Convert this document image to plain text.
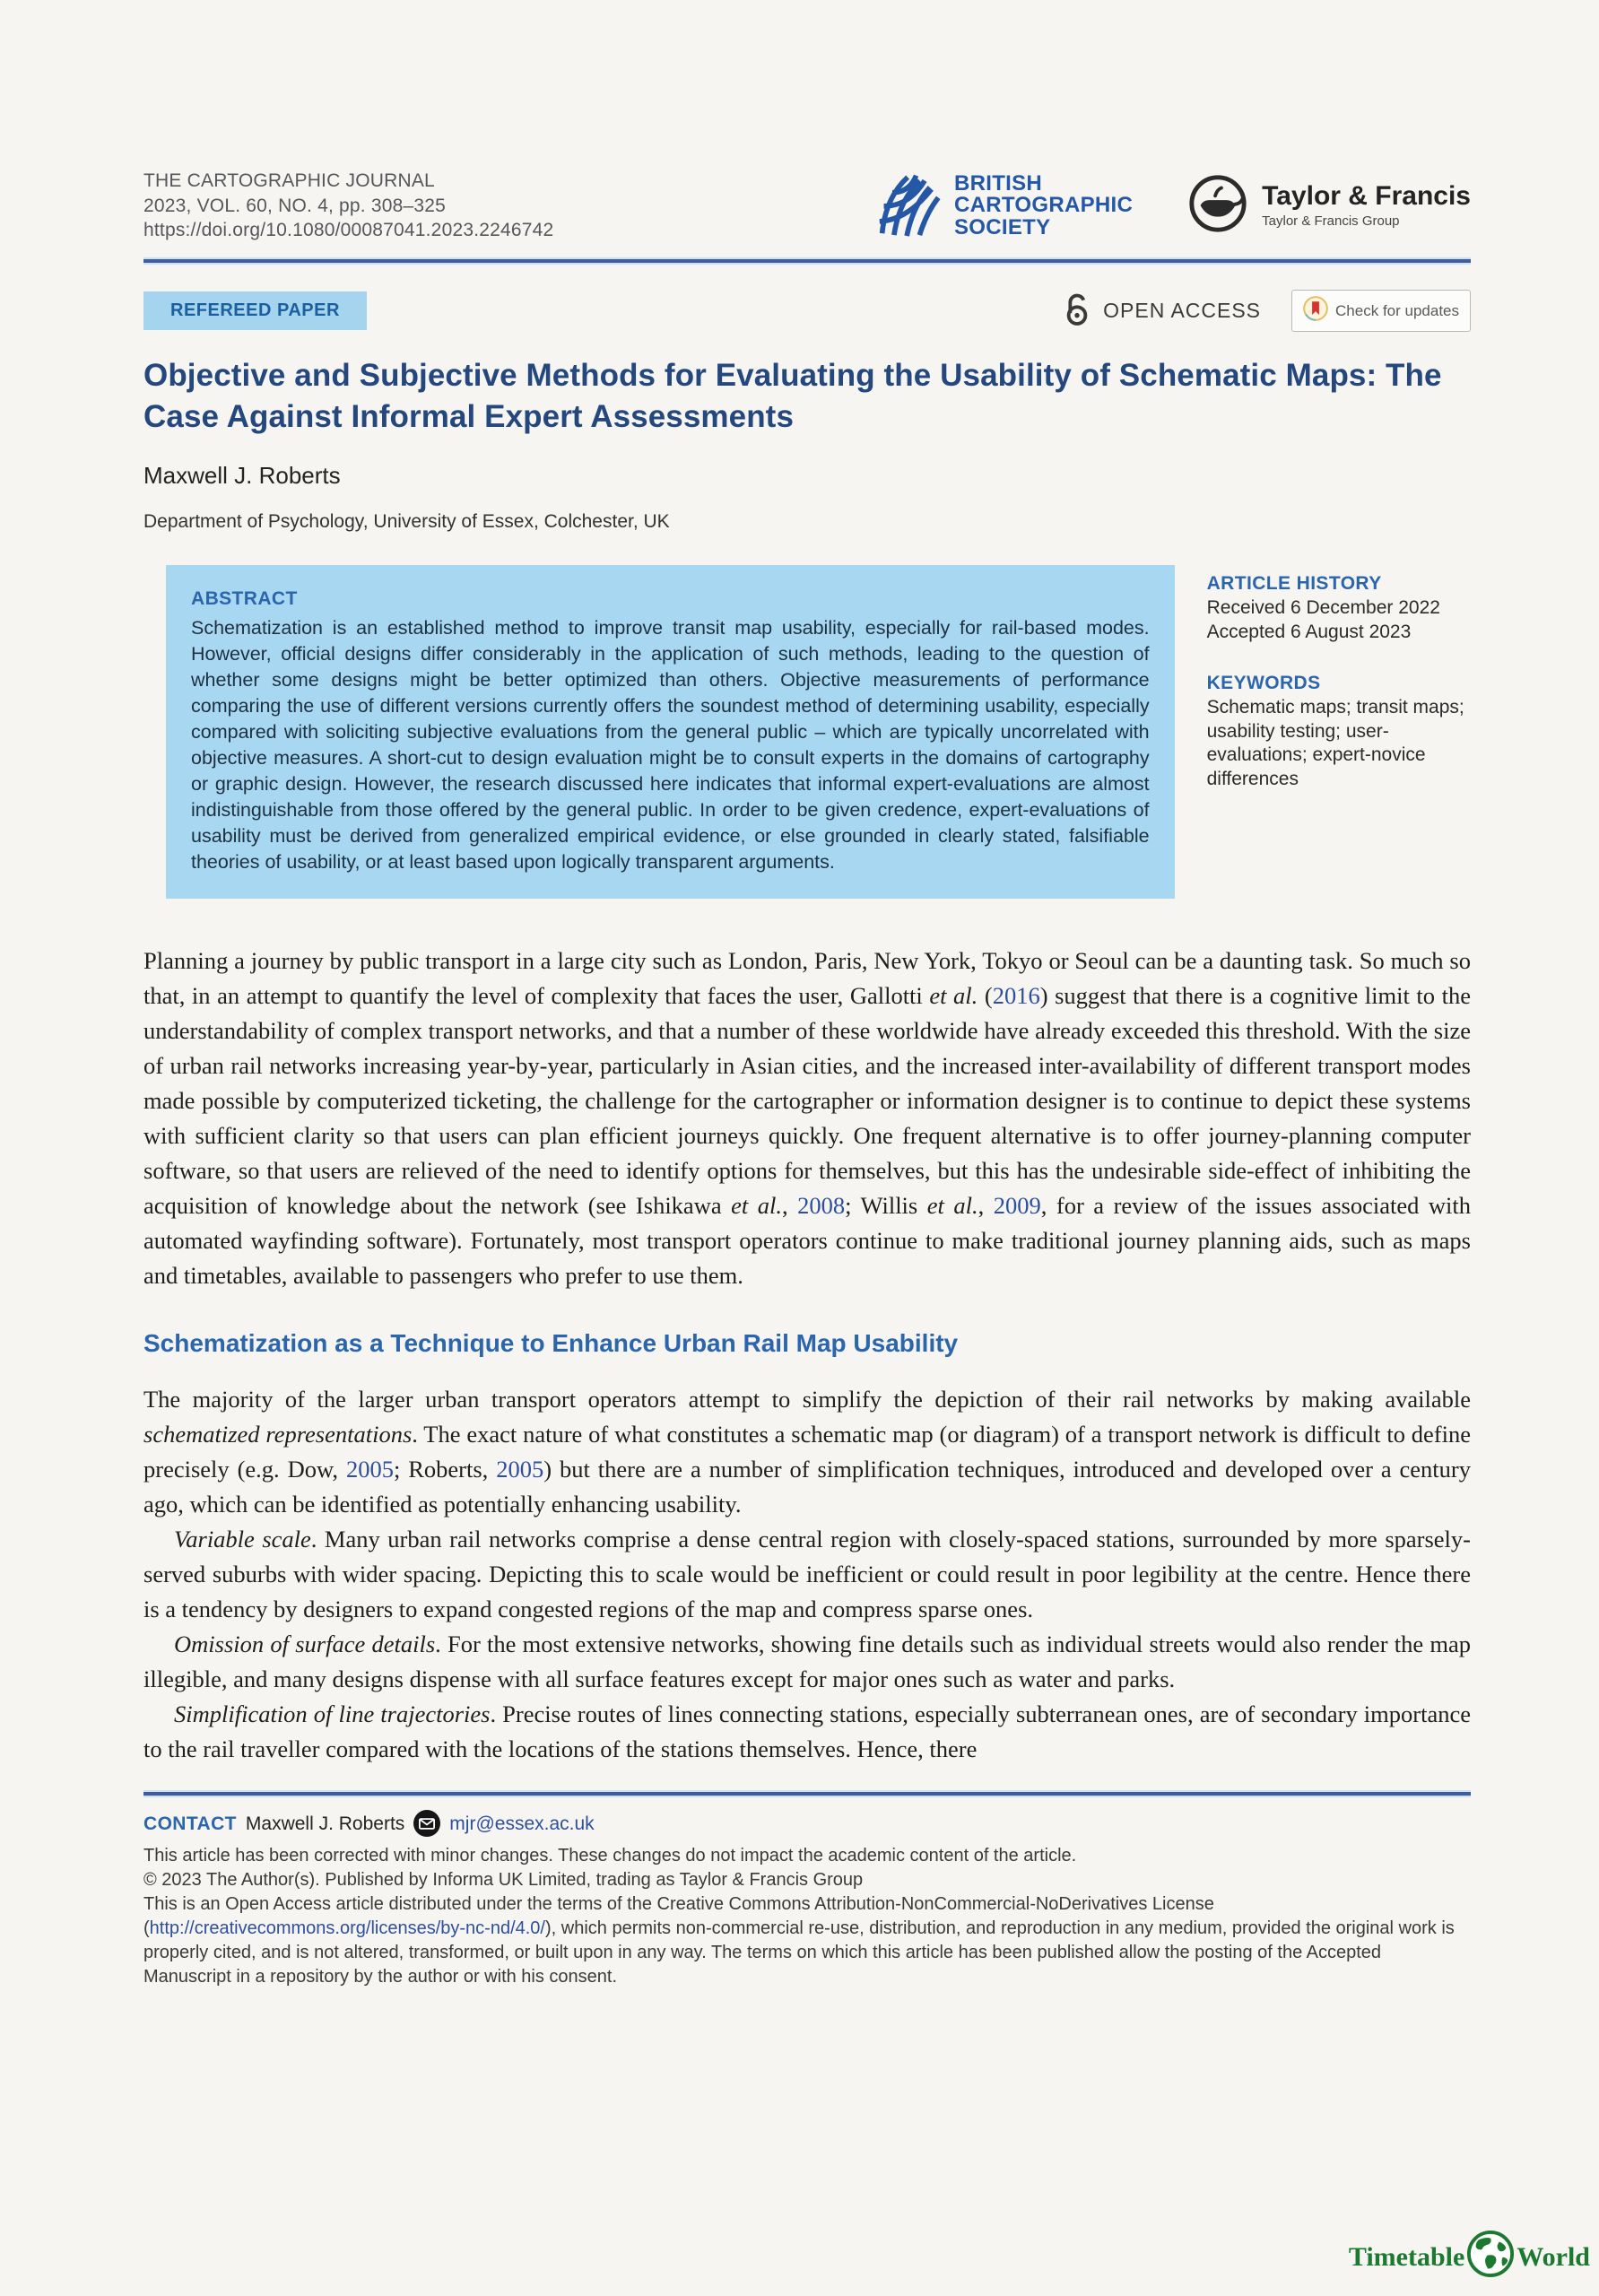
THE CARTOGRAPHIC JOURNAL
2023, VOL. 60, NO. 4, pp. 308–325
https://doi.org/10.1080/00087041.2023.2246742
BRITISH
CARTOGRAPHIC
SOCIETY
Taylor & Francis
Taylor & Francis Group
REFEREED PAPER	OPEN ACCESS	Check for updates
Objective and Subjective Methods for Evaluating the Usability of Schematic Maps: The Case Against Informal Expert Assessments
Maxwell J. Roberts
Department of Psychology, University of Essex, Colchester, UK
ABSTRACT

Schematization is an established method to improve transit map usability, especially for rail-based modes. However, official designs differ considerably in the application of such methods, leading to the question of whether some designs might be better optimized than others. Objective measurements of performance comparing the use of different versions currently offers the soundest method of determining usability, especially compared with soliciting subjective evaluations from the general public – which are typically uncorrelated with objective measures. A short-cut to design evaluation might be to consult experts in the domains of cartography or graphic design. However, the research discussed here indicates that informal expert-evaluations are almost indistinguishable from those offered by the general public. In order to be given credence, expert-evaluations of usability must be derived from generalized empirical evidence, or else grounded in clearly stated, falsifiable theories of usability, or at least based upon logically transparent arguments.

ARTICLE HISTORY
Received 6 December 2022
Accepted 6 August 2023
KEYWORDS
Schematic maps; transit maps; usability testing; user-evaluations; expert-novice differences

Planning a journey by public transport in a large city such as London, Paris, New York, Tokyo or Seoul can be a daunting task. So much so that, in an attempt to quantify the level of complexity that faces the user, Gallotti et al. (2016) suggest that there is a cognitive limit to the understandability of complex transport networks, and that a number of these worldwide have already exceeded this threshold. With the size of urban rail networks increasing year-by-year, particularly in Asian cities, and the increased inter-availability of different transport modes made possible by computerized ticketing, the challenge for the cartographer or information designer is to continue to depict these systems with sufficient clarity so that users can plan efficient journeys quickly. One frequent alternative is to offer journey-planning computer software, so that users are relieved of the need to identify options for themselves, but this has the undesirable side-effect of inhibiting the acquisition of knowledge about the network (see Ishikawa et al., 2008; Willis et al., 2009, for a review of the issues associated with automated wayfinding software). Fortunately, most transport operators continue to make traditional journey planning aids, such as maps and timetables, available to passengers who prefer to use them.

Schematization as a Technique to Enhance Urban Rail Map Usability

The majority of the larger urban transport operators attempt to simplify the depiction of their rail networks by making available schematized representations. The exact nature of what constitutes a schematic map (or diagram) of a transport network is difficult to define precisely (e.g. Dow, 2005; Roberts, 2005) but there are a number of simplification techniques, introduced and developed over a century ago, which can be identified as potentially enhancing usability.

Variable scale. Many urban rail networks comprise a dense central region with closely-spaced stations, surrounded by more sparsely-served suburbs with wider spacing. Depicting this to scale would be inefficient or could result in poor legibility at the centre. Hence there is a tendency by designers to expand congested regions of the map and compress sparse ones.

Omission of surface details. For the most extensive networks, showing fine details such as individual streets would also render the map illegible, and many designs dispense with all surface features except for major ones such as water and parks.

Simplification of line trajectories. Precise routes of lines connecting stations, especially subterranean ones, are of secondary importance to the rail traveller compared with the locations of the stations themselves. Hence, there

CONTACT Maxwell J. Roberts mjr@essex.ac.uk
This article has been corrected with minor changes. These changes do not impact the academic content of the article.
© 2023 The Author(s). Published by Informa UK Limited, trading as Taylor & Francis Group
This is an Open Access article distributed under the terms of the Creative Commons Attribution-NonCommercial-NoDerivatives License (http://creativecommons.org/licenses/by-nc-nd/4.0/), which permits non-commercial re-use, distribution, and reproduction in any medium, provided the original work is properly cited, and is not altered, transformed, or built upon in any way. The terms on which this article has been published allow the posting of the Accepted Manuscript in a repository by the author or with his consent.
Timetable World
